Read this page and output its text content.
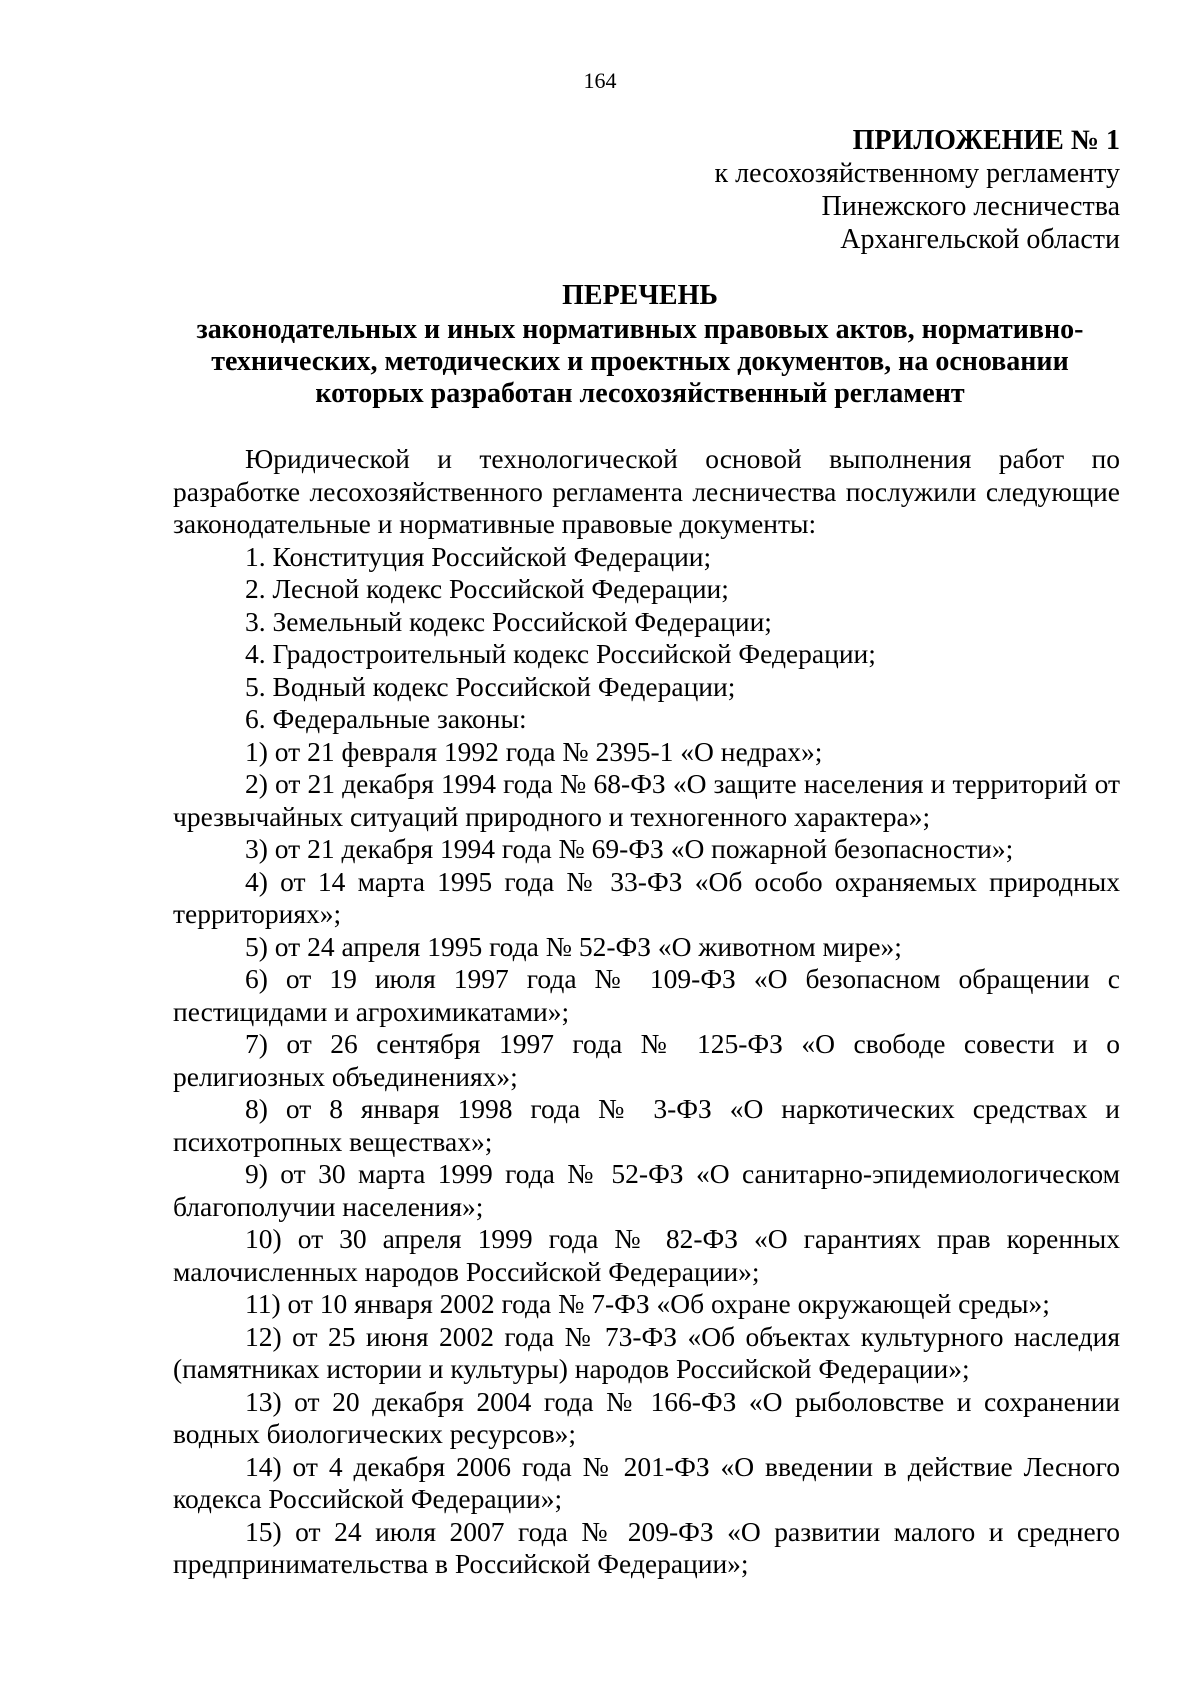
164
ПРИЛОЖЕНИЕ № 1
к лесохозяйственному регламенту
Пинежского лесничества
Архангельской области
ПЕРЕЧЕНЬ
законодательных и иных нормативных правовых актов, нормативно-
технических, методических и проектных документов, на основании
которых разработан лесохозяйственный регламент

Юридической и технологической основой выполнения работ по разработке лесохозяйственного регламента лесничества послужили следующие законодательные и нормативные правовые документы:

1. Конституция Российской Федерации;
2. Лесной кодекс Российской Федерации;
3. Земельный кодекс Российской Федерации;
4. Градостроительный кодекс Российской Федерации;
5. Водный кодекс Российской Федерации;
6. Федеральные законы:
1) от 21 февраля 1992 года № 2395-1 «О недрах»;
2) от 21 декабря 1994 года № 68-ФЗ «О защите населения и территорий от чрезвычайных ситуаций природного и техногенного характера»;
3) от 21 декабря 1994 года № 69-ФЗ «О пожарной безопасности»;
4) от 14 марта 1995 года № 33-ФЗ «Об особо охраняемых природных территориях»;
5) от 24 апреля 1995 года № 52-ФЗ «О животном мире»;
6) от 19 июля 1997 года № 109-ФЗ «О безопасном обращении с пестицидами и агрохимикатами»;
7) от 26 сентября 1997 года № 125-ФЗ «О свободе совести и о религиозных объединениях»;
8) от 8 января 1998 года № 3-ФЗ «О наркотических средствах и психотропных веществах»;
9) от 30 марта 1999 года № 52-ФЗ «О санитарно-эпидемиологическом благополучии населения»;
10) от 30 апреля 1999 года № 82-ФЗ «О гарантиях прав коренных малочисленных народов Российской Федерации»;
11) от 10 января 2002 года № 7-ФЗ «Об охране окружающей среды»;
12) от 25 июня 2002 года № 73-ФЗ «Об объектах культурного наследия (памятниках истории и культуры) народов Российской Федерации»;
13) от 20 декабря 2004 года № 166-ФЗ «О рыболовстве и сохранении водных биологических ресурсов»;
14) от 4 декабря 2006 года № 201-ФЗ «О введении в действие Лесного кодекса Российской Федерации»;
15) от 24 июля 2007 года № 209-ФЗ «О развитии малого и среднего предпринимательства в Российской Федерации»;
